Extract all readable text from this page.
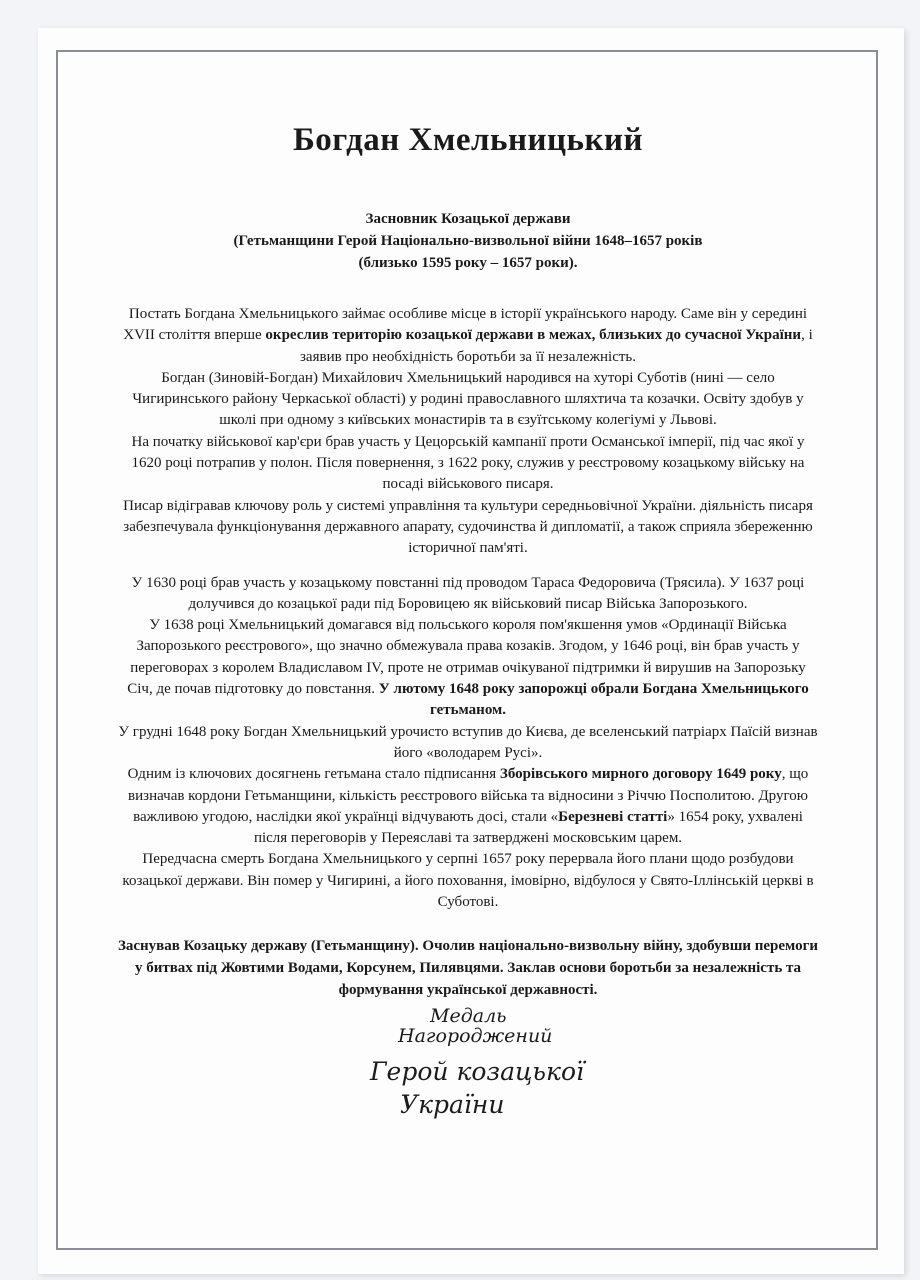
Богдан Хмельницький
Засновник Козацької держави
(Гетьманщини Герой Національно-визвольної війни 1648–1657 років
(близько 1595 року – 1657 роки).
Постать Богдана Хмельницького займає особливе місце в історії українського народу. Саме він у середині XVII століття вперше окреслив територію козацької держави в межах, близьких до сучасної України, і заявив про необхідність боротьби за її незалежність.
Богдан (Зиновій-Богдан) Михайлович Хмельницький народився на хуторі Суботів (нині — село Чигиринського району Черкаської області) у родині православного шляхтича та козачки. Освіту здобув у школі при одному з київських монастирів та в єзуїтському колегіумі у Львові.
На початку військової кар'єри брав участь у Цецорській кампанії проти Османської імперії, під час якої у 1620 році потрапив у полон. Після повернення, з 1622 року, служив у реєстровому козацькому війську на посаді військового писаря.
Писар відігравав ключову роль у системі управління та культури середньовічної України. діяльність писаря забезпечувала функціонування державного апарату, судочинства й дипломатії, а також сприяла збереженню історичної пам'яті.
У 1630 році брав участь у козацькому повстанні під проводом Тараса Федоровича (Трясила). У 1637 році долучився до козацької ради під Боровицею як військовий писар Війська Запорозького.
У 1638 році Хмельницький домагався від польського короля пом'якшення умов «Ординації Війська Запорозького реєстрового», що значно обмежувала права козаків. Згодом, у 1646 році, він брав участь у переговорах з королем Владиславом IV, проте не отримав очікуваної підтримки й вирушив на Запорозьку Січ, де почав підготовку до повстання. У лютому 1648 року запорожці обрали Богдана Хмельницького гетьманом.
У грудні 1648 року Богдан Хмельницький урочисто вступив до Києва, де вселенський патріарх Паїсій визнав його «володарем Русі».
Одним із ключових досягнень гетьмана стало підписання Зборівського мирного договору 1649 року, що визначав кордони Гетьманщини, кількість реєстрового війська та відносини з Річчю Посполитою. Другою важливою угодою, наслідки якої українці відчувають досі, стали «Березневі статті» 1654 року, ухвалені після переговорів у Переяславі та затверджені московським царем.
Передчасна смерть Богдана Хмельницького у серпні 1657 року перервала його плани щодо розбудови козацької держави. Він помер у Чигирині, а його поховання, імовірно, відбулося у Свято-Іллінській церкві в Суботові.
Заснував Козацьку державу (Гетьманщину). Очолив національно-визвольну війну, здобувши перемоги у битвах під Жовтими Водами, Корсунем, Пилявцями. Заклав основи боротьби за незалежність та формування української державності.
Медаль
Нагороджений
Герой козацької
України
